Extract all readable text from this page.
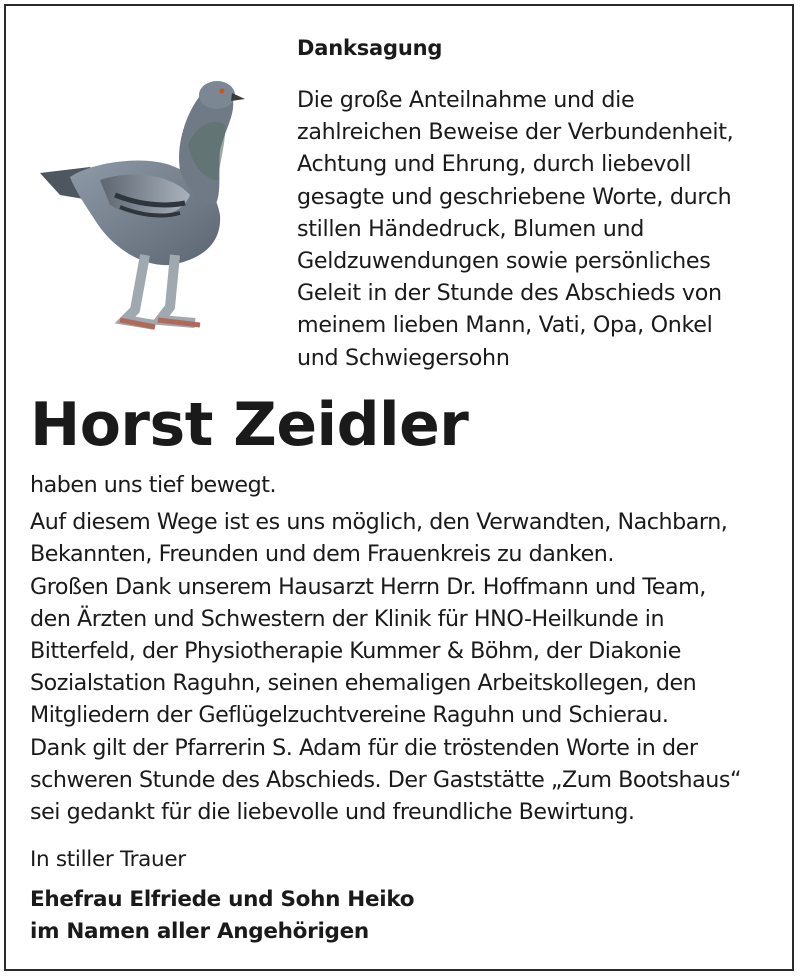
Danksagung
Die große Anteilnahme und die
zahlreichen Beweise der Verbundenheit,
Achtung und Ehrung, durch liebevoll
gesagte und geschriebene Worte, durch
stillen Händedruck, Blumen und
Geldzuwendungen sowie persönliches
Geleit in der Stunde des Abschieds von
meinem lieben Mann, Vati, Opa, Onkel
und Schwiegersohn
Horst Zeidler
haben uns tief bewegt.
Auf diesem Wege ist es uns möglich, den Verwandten, Nachbarn,
Bekannten, Freunden und dem Frauenkreis zu danken.
Großen Dank unserem Hausarzt Herrn Dr. Hoffmann und Team,
den Ärzten und Schwestern der Klinik für HNO-Heilkunde in
Bitterfeld, der Physiotherapie Kummer & Böhm, der Diakonie
Sozialstation Raguhn, seinen ehemaligen Arbeitskollegen, den
Mitgliedern der Geflügelzuchtvereine Raguhn und Schierau.
Dank gilt der Pfarrerin S. Adam für die tröstenden Worte in der
schweren Stunde des Abschieds. Der Gaststätte „Zum Bootshaus“
sei gedankt für die liebevolle und freundliche Bewirtung.
In stiller Trauer
Ehefrau Elfriede und Sohn Heiko
im Namen aller Angehörigen
